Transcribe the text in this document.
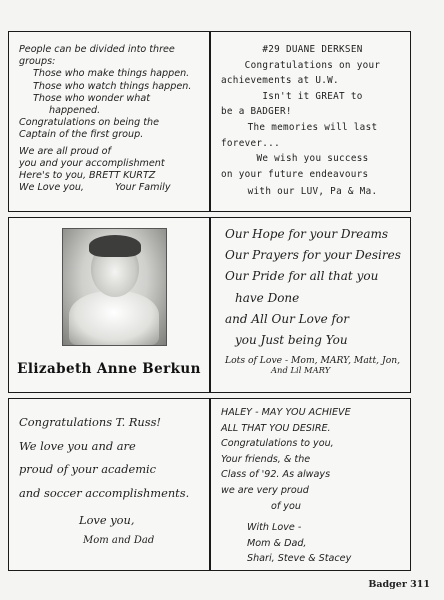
People can be divided into three
groups:
Those who make things happen.
Those who watch things happen.
Those who wonder what
happened.
Congratulations on being the
Captain of the first group.
We are all proud of
you and your accomplishment
Here's to you, BRETT KURTZ
We Love you,	Your Family
#29 DUANE DERKSEN
Congratulations on your
achievements at U.W.
Isn't it GREAT to
be a BADGER!
The memories will last
forever...
We wish you success
on your future endeavours
with our LUV, Pa & Ma.
Elizabeth Anne Berkun
Our Hope for your Dreams
Our Prayers for your Desires
Our Pride for all that you
have Done
and All Our Love for
you Just being You
Lots of Love - Mom, MARY, Matt, Jon,
And Lil MARY
Congratulations T. Russ!
We love you and are
proud of your academic
and soccer accomplishments.
Love you,
Mom and Dad
HALEY - MAY YOU ACHIEVE
ALL THAT YOU DESIRE.
Congratulations to you,
Your friends, & the
Class of '92. As always
we are very proud
of you
With Love -
Mom & Dad,
Shari, Steve & Stacey
Badger 311
